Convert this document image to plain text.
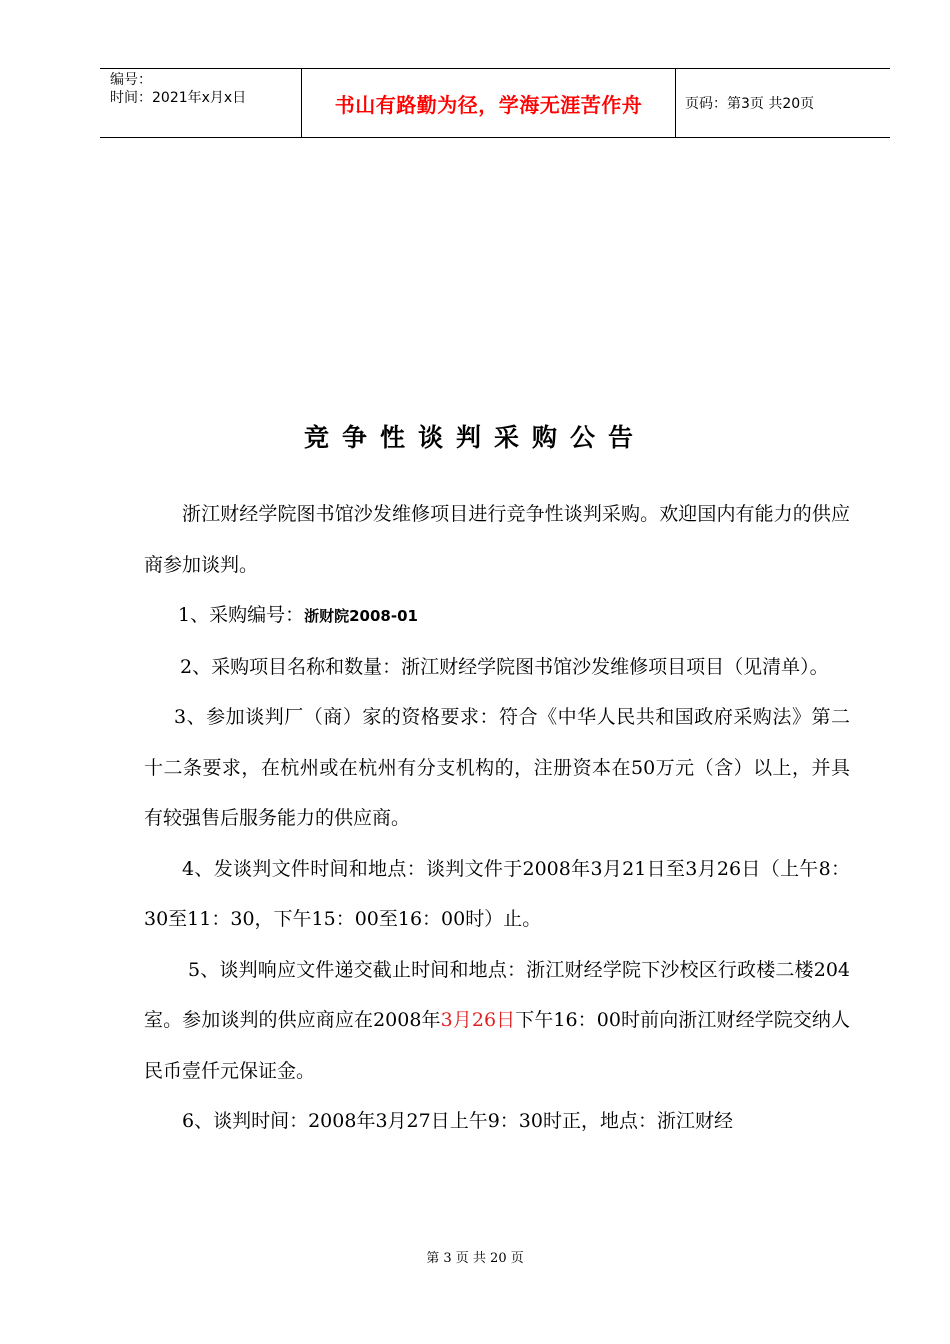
编号：
时间：2021年x月x日	书山有路勤为径，学海无涯苦作舟	页码：第3页 共20页
竞争性谈判采购公告

浙江财经学院图书馆沙发维修项目进行竞争性谈判采购。欢迎国内有能力的供应商参加谈判。

1、采购编号：浙财院2008-01

2、采购项目名称和数量：浙江财经学院图书馆沙发维修项目项目（见清单）。

3、参加谈判厂（商）家的资格要求：符合《中华人民共和国政府采购法》第二十二条要求，在杭州或在杭州有分支机构的，注册资本在50万元（含）以上，并具有较强售后服务能力的供应商。

4、发谈判文件时间和地点：谈判文件于2008年3月21日至3月26日（上午8：30至11：30，下午15：00至16：00时）止。

5、谈判响应文件递交截止时间和地点：浙江财经学院下沙校区行政楼二楼204室。参加谈判的供应商应在2008年3月26日下午16：00时前向浙江财经学院交纳人民币壹仟元保证金。

6、谈判时间：2008年3月27日上午9：30时正，地点：浙江财经

第 3 页 共 20 页
